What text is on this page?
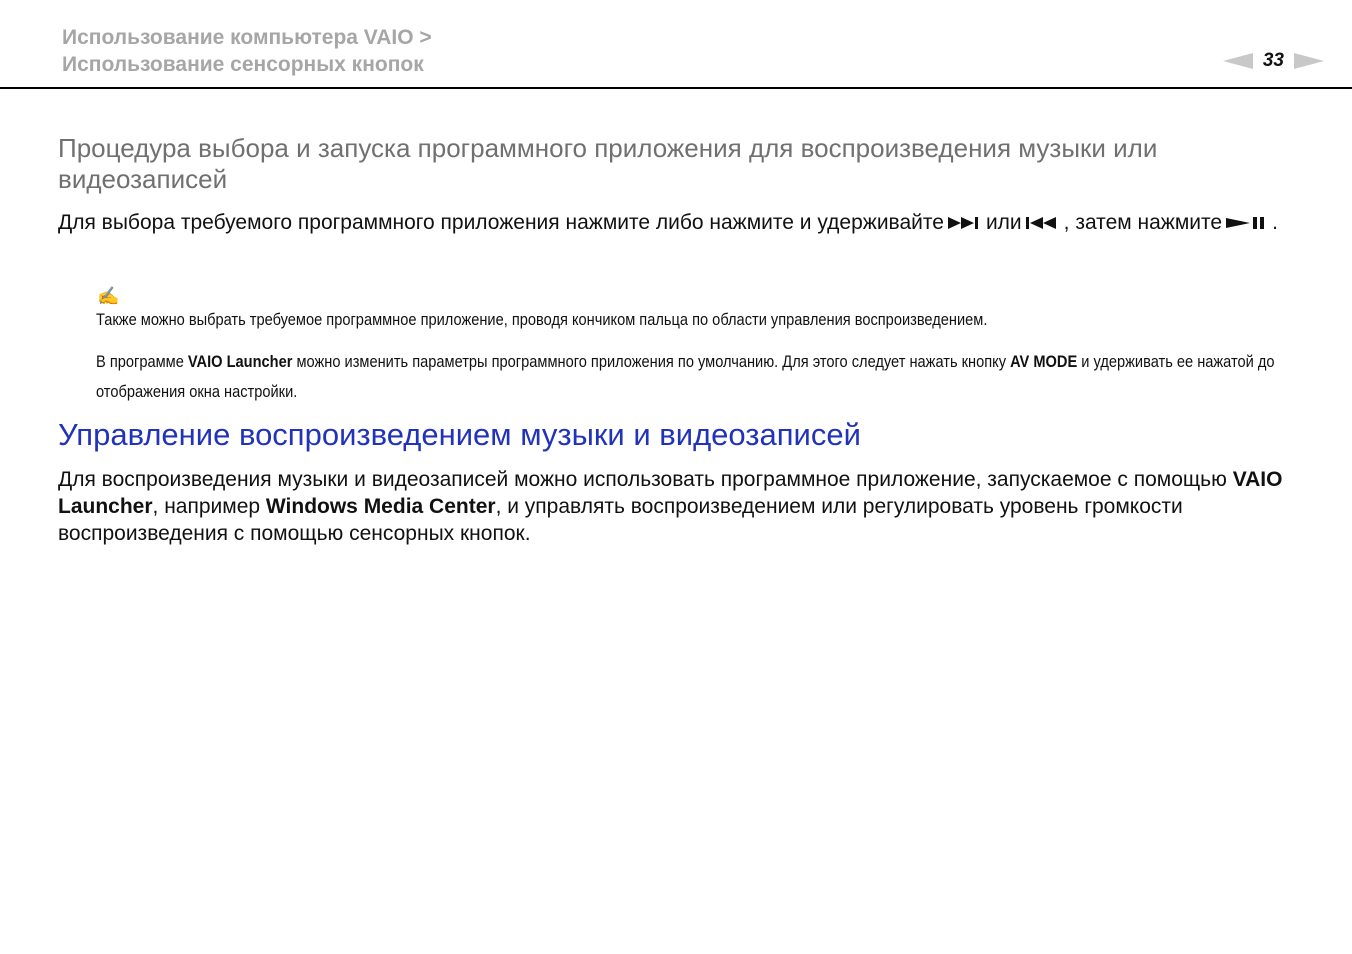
Использование компьютера VAIO >
Использование сенсорных кнопок	33
Процедура выбора и запуска программного приложения для воспроизведения музыки или видеозаписей
Для выбора требуемого программного приложения нажмите либо нажмите и удерживайте или , затем нажмите .
✍
Также можно выбрать требуемое программное приложение, проводя кончиком пальца по области управления воспроизведением.
В программе VAIO Launcher можно изменить параметры программного приложения по умолчанию. Для этого следует нажать кнопку AV MODE и удерживать ее нажатой до отображения окна настройки.
Управление воспроизведением музыки и видеозаписей
Для воспроизведения музыки и видеозаписей можно использовать программное приложение, запускаемое с помощью VAIO Launcher, например Windows Media Center, и управлять воспроизведением или регулировать уровень громкости воспроизведения с помощью сенсорных кнопок.
